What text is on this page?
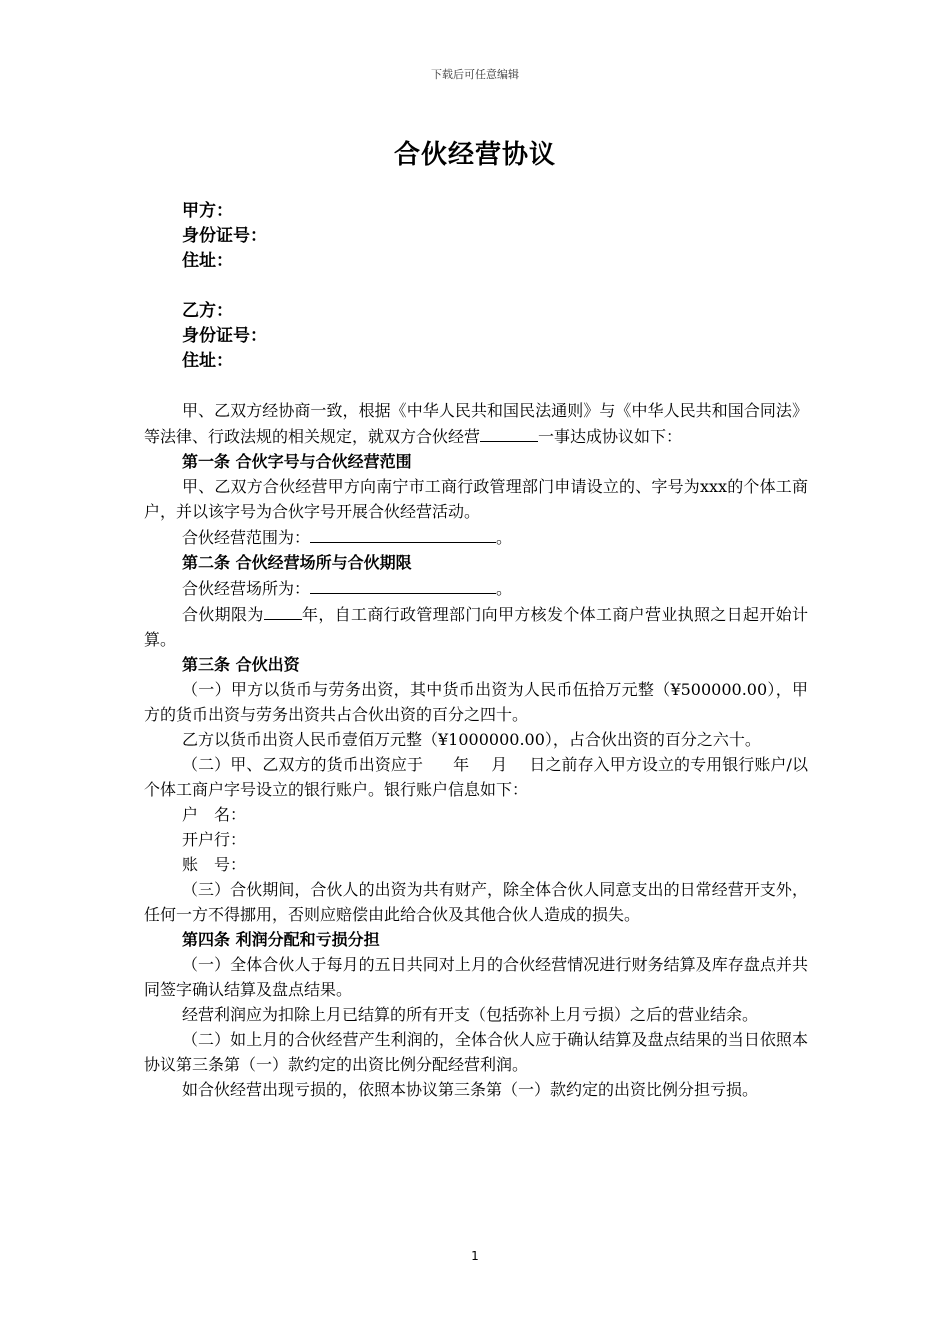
下载后可任意编辑
合伙经营协议
甲方：
身份证号：
住址：
乙方：
身份证号：
住址：

甲、乙双方经协商一致，根据《中华人民共和国民法通则》与《中华人民共和国合同法》等法律、行政法规的相关规定，就双方合伙经营	一事达成协议如下：

第一条 合伙字号与合伙经营范围

甲、乙双方合伙经营甲方向南宁市工商行政管理部门申请设立的、字号为xxx的个体工商户，并以该字号为合伙字号开展合伙经营活动。

合伙经营范围为：	。

第二条 合伙经营场所与合伙期限

合伙经营场所为：	。

合伙期限为 年，自工商行政管理部门向甲方核发个体工商户营业执照之日起开始计算。

第三条 合伙出资

（一）甲方以货币与劳务出资，其中货币出资为人民币伍拾万元整（¥500000.00），甲方的货币出资与劳务出资共占合伙出资的百分之四十。

乙方以货币出资人民币壹佰万元整（¥1000000.00），占合伙出资的百分之六十。

（二）甲、乙双方的货币出资应于 年 月 日之前存入甲方设立的专用银行账户/以个体工商户字号设立的银行账户。银行账户信息如下：

户　名：

开户行：

账　号：

（三）合伙期间，合伙人的出资为共有财产，除全体合伙人同意支出的日常经营开支外，任何一方不得挪用，否则应赔偿由此给合伙及其他合伙人造成的损失。

第四条 利润分配和亏损分担

（一）全体合伙人于每月的五日共同对上月的合伙经营情况进行财务结算及库存盘点并共同签字确认结算及盘点结果。

经营利润应为扣除上月已结算的所有开支（包括弥补上月亏损）之后的营业结余。

（二）如上月的合伙经营产生利润的，全体合伙人应于确认结算及盘点结果的当日依照本协议第三条第（一）款约定的出资比例分配经营利润。

如合伙经营出现亏损的，依照本协议第三条第（一）款约定的出资比例分担亏损。

1
